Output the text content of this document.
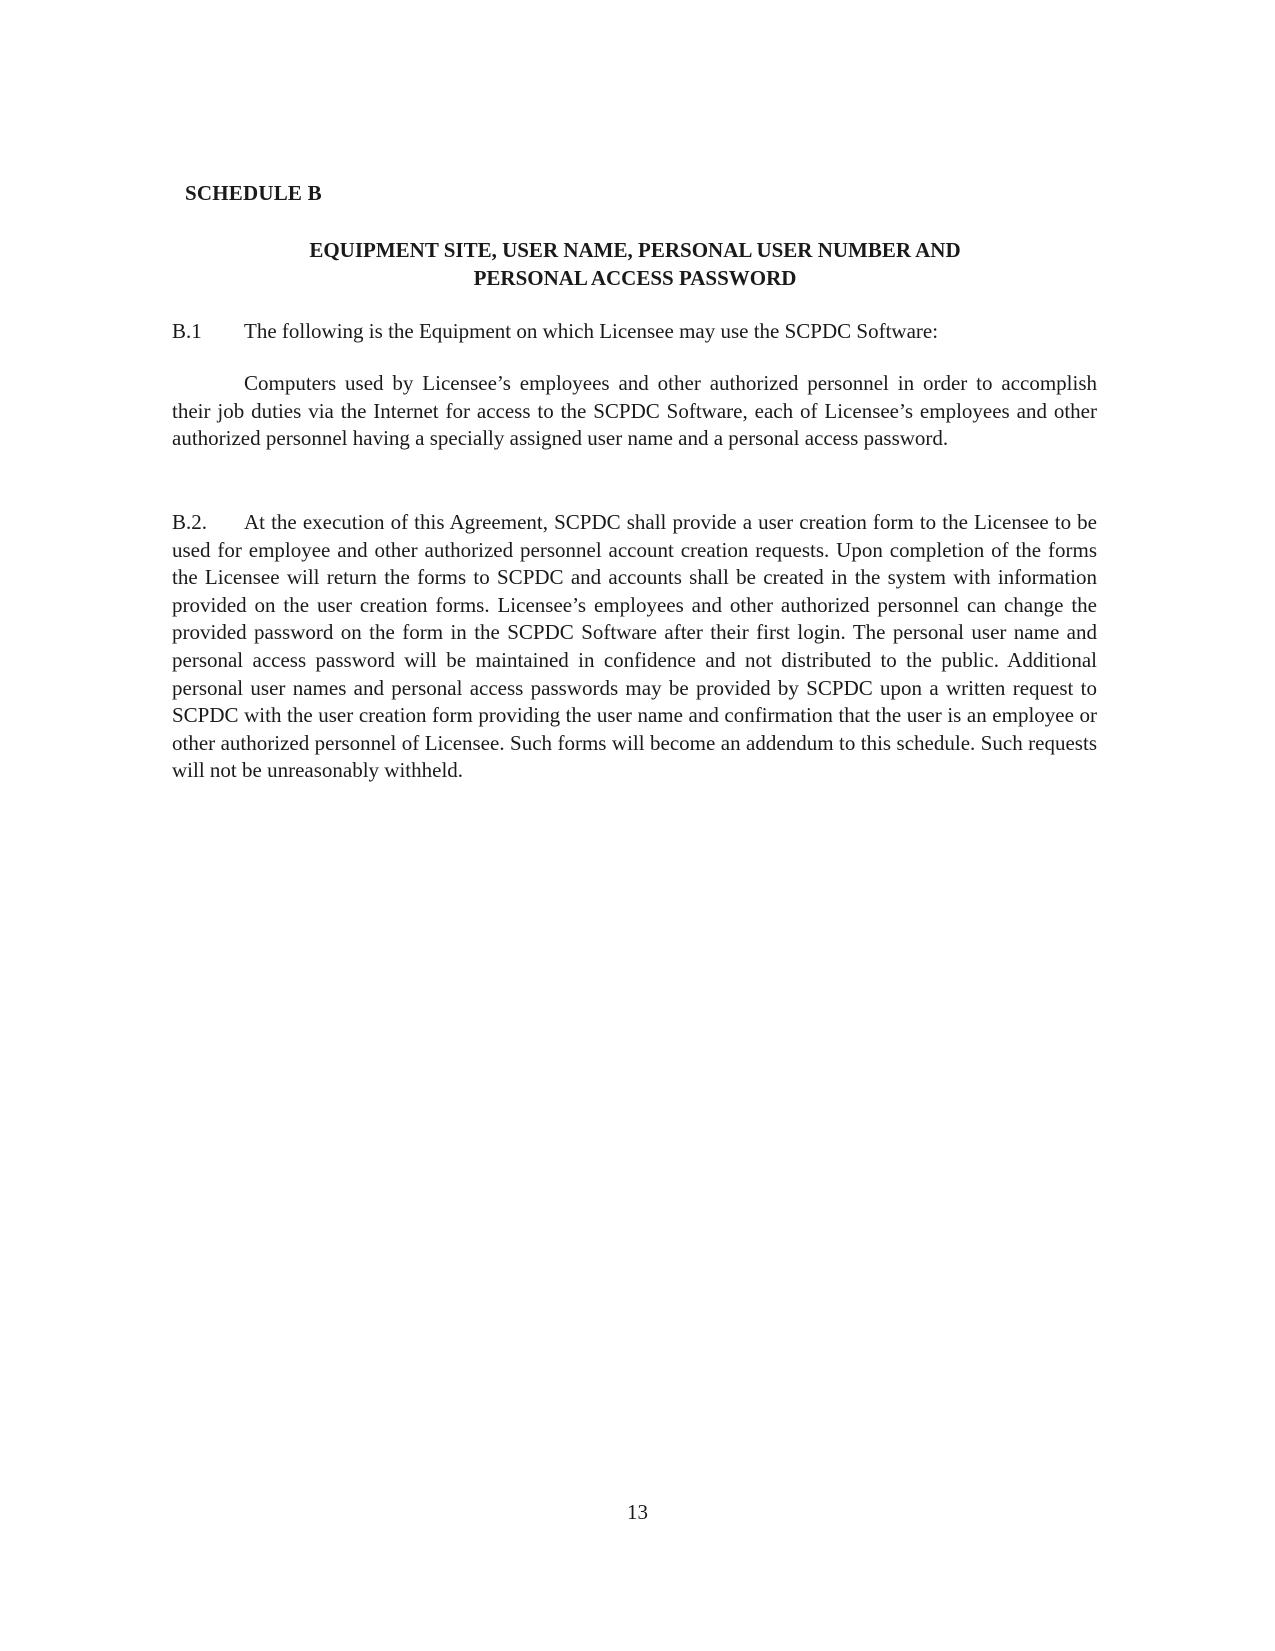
SCHEDULE B
EQUIPMENT SITE, USER NAME, PERSONAL USER NUMBER AND
PERSONAL ACCESS PASSWORD
B.1 The following is the Equipment on which Licensee may use the SCPDC Software:
Computers used by Licensee’s employees and other authorized personnel in order to accomplish their job duties via the Internet for access to the SCPDC Software, each of Licensee’s employees and other authorized personnel having a specially assigned user name and a personal access password.
B.2. At the execution of this Agreement, SCPDC shall provide a user creation form to the Licensee to be used for employee and other authorized personnel account creation requests. Upon completion of the forms the Licensee will return the forms to SCPDC and accounts shall be created in the system with information provided on the user creation forms. Licensee’s employees and other authorized personnel can change the provided password on the form in the SCPDC Software after their first login. The personal user name and personal access password will be maintained in confidence and not distributed to the public. Additional personal user names and personal access passwords may be provided by SCPDC upon a written request to SCPDC with the user creation form providing the user name and confirmation that the user is an employee or other authorized personnel of Licensee. Such forms will become an addendum to this schedule. Such requests will not be unreasonably withheld.
13
